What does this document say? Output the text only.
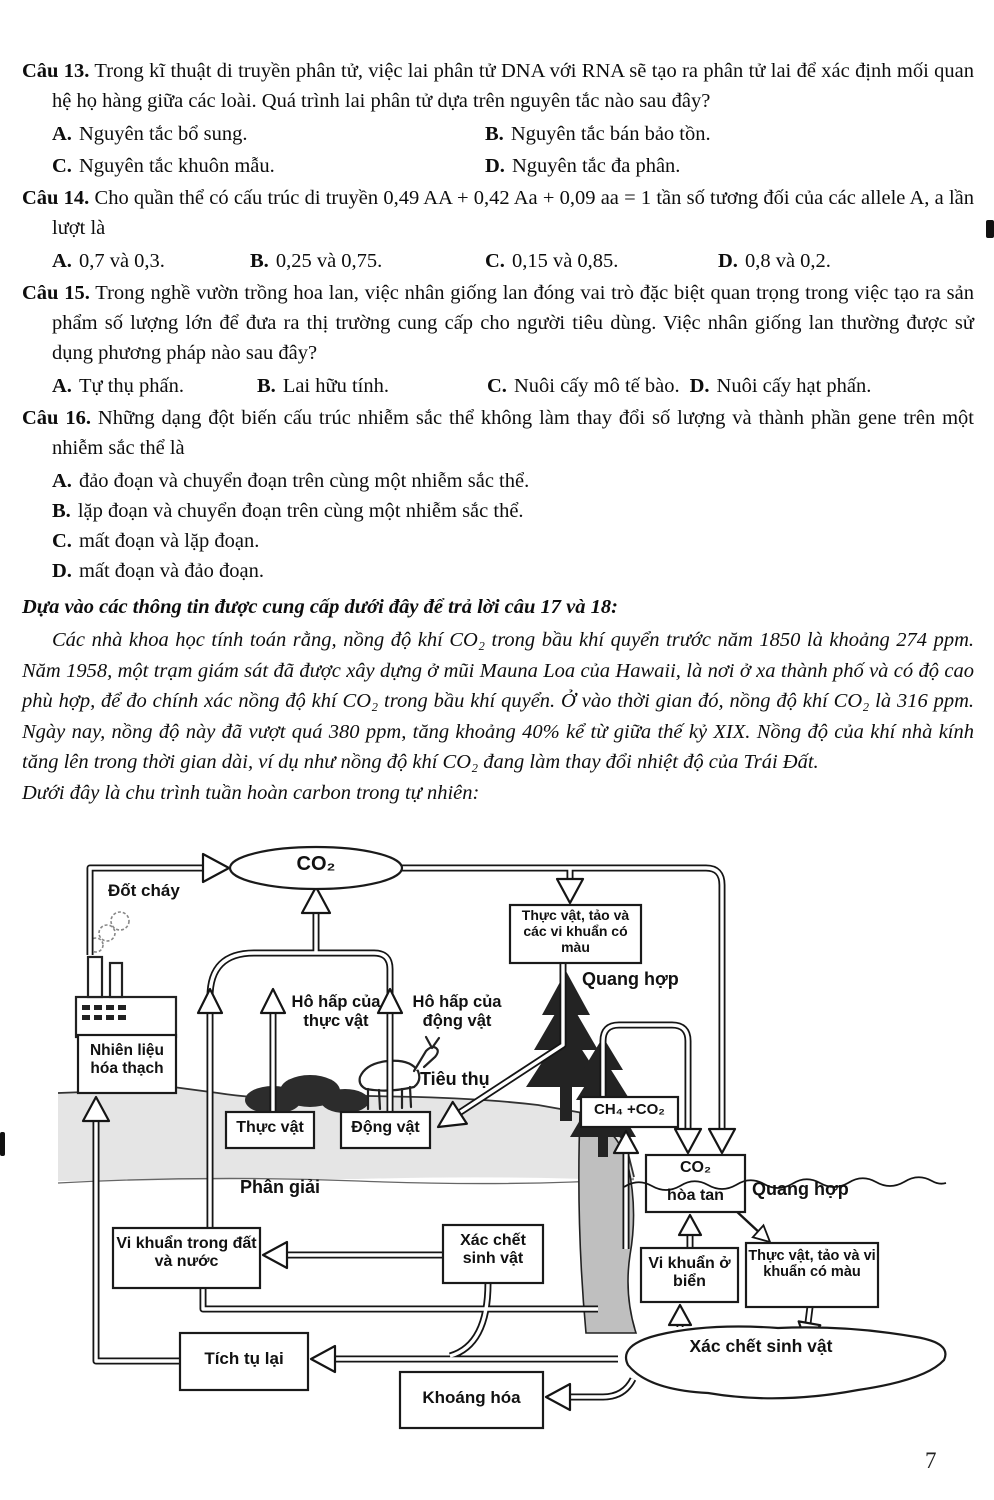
Câu 13. Trong kĩ thuật di truyền phân tử, việc lai phân tử DNA với RNA sẽ tạo ra phân tử lai để xác định mối quan hệ họ hàng giữa các loài. Quá trình lai phân tử dựa trên nguyên tắc nào sau đây?

A. Nguyên tắc bổ sung.	B. Nguyên tắc bán bảo tồn.
C. Nguyên tắc khuôn mẫu.	D. Nguyên tắc đa phân.

Câu 14. Cho quần thể có cấu trúc di truyền 0,49 AA + 0,42 Aa + 0,09 aa = 1 tần số tương đối của các allele A, a lần lượt là

A. 0,7 và 0,3.	B. 0,25 và 0,75.	C. 0,15 và 0,85.	D. 0,8 và 0,2.

Câu 15. Trong nghề vườn trồng hoa lan, việc nhân giống lan đóng vai trò đặc biệt quan trọng trong việc tạo ra sản phẩm số lượng lớn để đưa ra thị trường cung cấp cho người tiêu dùng. Việc nhân giống lan thường được sử dụng phương pháp nào sau đây?

A. Tự thụ phấn.	B. Lai hữu tính.	C. Nuôi cấy mô tế bào. D. Nuôi cấy hạt phấn.

Câu 16. Những dạng đột biến cấu trúc nhiễm sắc thể không làm thay đổi số lượng và thành phần gene trên một nhiễm sắc thể là

A. đảo đoạn và chuyển đoạn trên cùng một nhiễm sắc thể.
B. lặp đoạn và chuyển đoạn trên cùng một nhiễm sắc thể.
C. mất đoạn và lặp đoạn.
D. mất đoạn và đảo đoạn.

Dựa vào các thông tin được cung cấp dưới đây để trả lời câu 17 và 18:

Các nhà khoa học tính toán rằng, nồng độ khí CO₂ trong bầu khí quyển trước năm 1850 là khoảng 274 ppm. Năm 1958, một trạm giám sát đã được xây dựng ở mũi Mauna Loa của Hawaii, là nơi ở xa thành phố và có độ cao phù hợp, để đo chính xác nồng độ khí CO₂ trong bầu khí quyển. Ở vào thời gian đó, nồng độ khí CO₂ là 316 ppm. Ngày nay, nồng độ này đã vượt quá 380 ppm, tăng khoảng 40% kể từ giữa thế kỷ XIX. Nồng độ của khí nhà kính tăng lên trong thời gian dài, ví dụ như nồng độ khí CO₂ đang làm thay đổi nhiệt độ của Trái Đất.

Dưới đây là chu trình tuần hoàn carbon trong tự nhiên:

CO₂
Đốt cháy
Nhiên liệu hóa thạch
Thực vật, tảo và các vi khuẩn có màu
Quang hợp
Hô hấp của thực vật
Hô hấp của động vật
Tiêu thụ
Thực vật	Động vật
CH₄ +CO₂
CO₂
hòa tan	Quang hợp
Phân giải
Vi khuẩn trong đất và nước
Xác chết sinh vật	Vi khuẩn ở biển
Thực vật, tảo và vi khuẩn có màu
Tích tụ lại
Khoáng hóa
Xác chết sinh vật
7
